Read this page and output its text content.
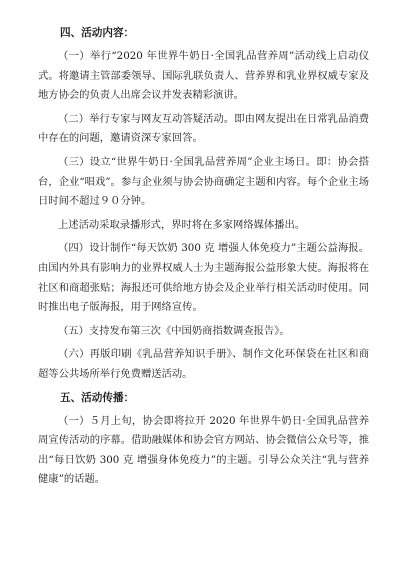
四、活动内容：

（一）举行“2020 年世界牛奶日·全国乳品营养周”活动线上启动仪式。将邀请主管部委领导、国际乳联负责人、营养界和乳业界权威专家及地方协会的负责人出席会议并发表精彩演讲。

（二）举行专家与网友互动答疑活动。即由网友提出在日常乳品消费中存在的问题，邀请资深专家回答。

（三）设立“世界牛奶日·全国乳品营养周”企业主场日。即：协会搭台，企业“唱戏”。参与企业须与协会协商确定主题和内容。每个企业主场日时间不超过９０分钟。

上述活动采取录播形式，界时将在多家网络媒体播出。

（四）设计制作“每天饮奶 300 克 增强人体免疫力”主题公益海报。由国内外具有影响力的业界权威人士为主题海报公益形象大使。海报将在社区和商超张贴；海报还可供给地方协会及企业举行相关活动时使用。同时推出电子版海报，用于网络宣传。

（五）支持发布第三次《中国奶商指数调查报告》。

（六）再版印刷《乳品营养知识手册》、制作文化环保袋在社区和商超等公共场所举行免费赠送活动。

五、活动传播：

（一）５月上旬，协会即将拉开 2020 年世界牛奶日·全国乳品营养周宣传活动的序幕。借助融媒体和协会官方网站、协会微信公众号等，推出“每日饮奶 300 克 增强身体免疫力”的主题。引导公众关注“乳与营养健康”的话题。
